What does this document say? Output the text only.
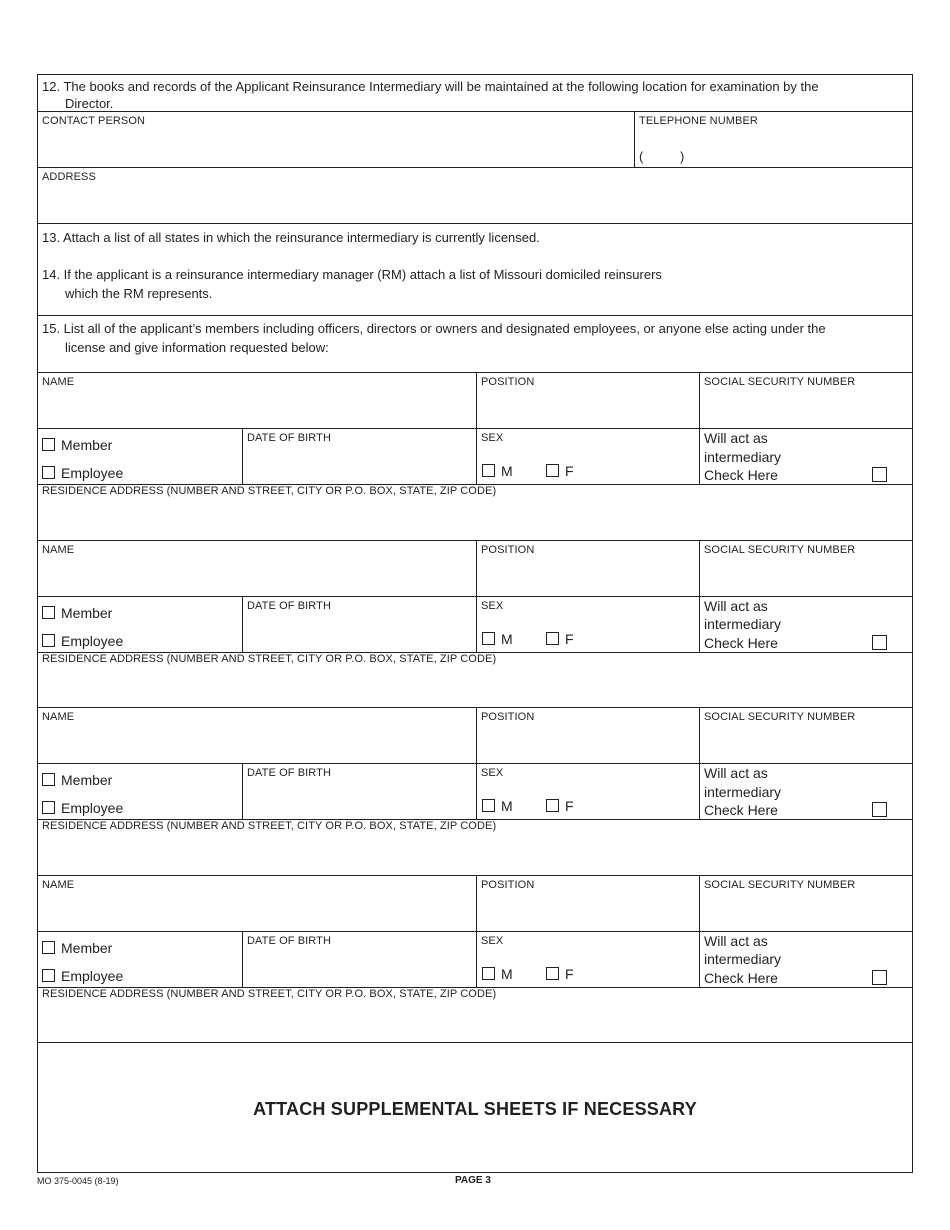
12. The books and records of the Applicant Reinsurance Intermediary will be maintained at the following location for examination by the
Director.
CONTACT PERSON	TELEPHONE NUMBER
(	)
ADDRESS
13. Attach a list of all states in which the reinsurance intermediary is currently licensed.
14. If the applicant is a reinsurance intermediary manager (RM) attach a list of Missouri domiciled reinsurers
which the RM represents.
15. List all of the applicant’s members including officers, directors or owners and designated employees, or anyone else acting under the
license and give information requested below:
NAME	POSITION	SOCIAL SECURITY NUMBER
Member
Employee
DATE OF BIRTH	SEX
M	F
Will act as
intermediary
Check Here
RESIDENCE ADDRESS (NUMBER AND STREET, CITY OR P.O. BOX, STATE, ZIP CODE)
NAME	POSITION	SOCIAL SECURITY NUMBER
Member
Employee
DATE OF BIRTH	SEX
M	F
Will act as
intermediary
Check Here
RESIDENCE ADDRESS (NUMBER AND STREET, CITY OR P.O. BOX, STATE, ZIP CODE)
NAME	POSITION	SOCIAL SECURITY NUMBER
Member
Employee
DATE OF BIRTH	SEX
M	F
Will act as
intermediary
Check Here
RESIDENCE ADDRESS (NUMBER AND STREET, CITY OR P.O. BOX, STATE, ZIP CODE)
NAME	POSITION	SOCIAL SECURITY NUMBER
Member
Employee
DATE OF BIRTH	SEX
M	F
Will act as
intermediary
Check Here
RESIDENCE ADDRESS (NUMBER AND STREET, CITY OR P.O. BOX, STATE, ZIP CODE)
ATTACH SUPPLEMENTAL SHEETS IF NECESSARY
MO 375-0045 (8-19)	PAGE 3
